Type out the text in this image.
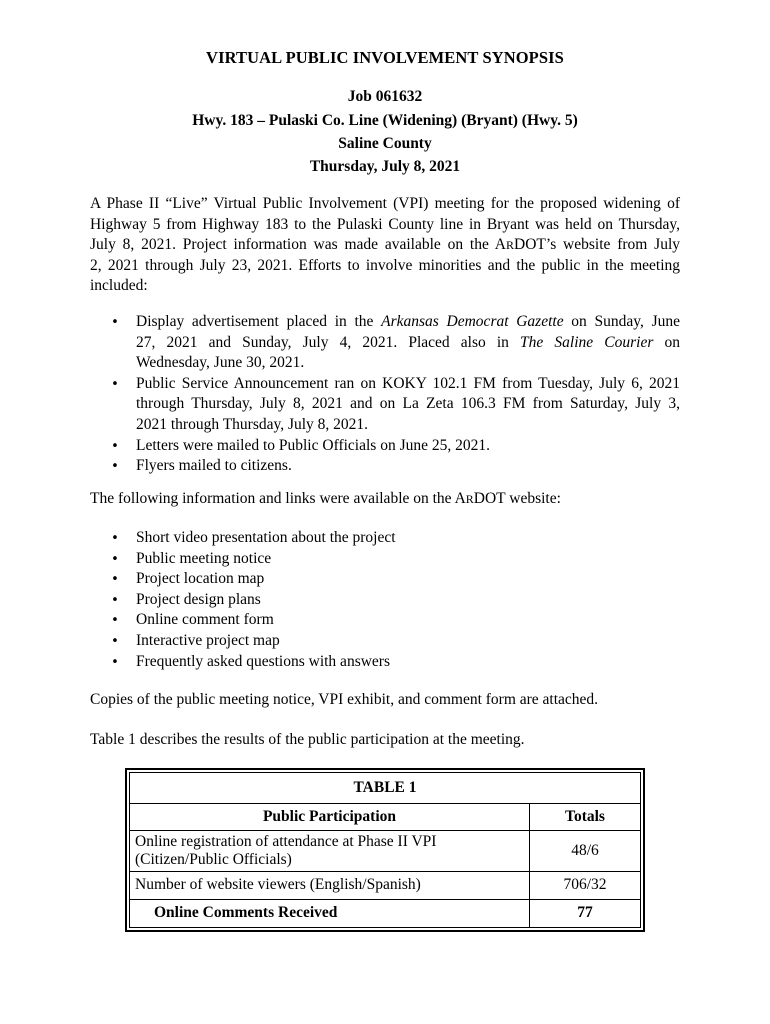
VIRTUAL PUBLIC INVOLVEMENT SYNOPSIS
Job 061632
Hwy. 183 – Pulaski Co. Line (Widening) (Bryant) (Hwy. 5)
Saline County
Thursday, July 8, 2021
A Phase II “Live” Virtual Public Involvement (VPI) meeting for the proposed widening of
Highway 5 from Highway 183 to the Pulaski County line in Bryant was held on Thursday,
July 8, 2021. Project information was made available on the ARDOT’s website from July
2, 2021 through July 23, 2021. Efforts to involve minorities and the public in the meeting
included:
•
Display advertisement placed in the Arkansas Democrat Gazette on Sunday, June
27, 2021 and Sunday, July 4, 2021. Placed also in The Saline Courier on
Wednesday, June 30, 2021.
•
Public Service Announcement ran on KOKY 102.1 FM from Tuesday, July 6, 2021
through Thursday, July 8, 2021 and on La Zeta 106.3 FM from Saturday, July 3,
2021 through Thursday, July 8, 2021.
•
Letters were mailed to Public Officials on June 25, 2021.
•
Flyers mailed to citizens.
The following information and links were available on the ARDOT website:
•
Short video presentation about the project
•
Public meeting notice
•
Project location map
•
Project design plans
•
Online comment form
•
Interactive project map
•
Frequently asked questions with answers
Copies of the public meeting notice, VPI exhibit, and comment form are attached.
Table 1 describes the results of the public participation at the meeting.
TABLE 1	
Public Participation	Totals
Online registration of attendance at Phase II VPI
(Citizen/Public Officials)	48/6
Number of website viewers (English/Spanish)	706/32
Online Comments Received	77
